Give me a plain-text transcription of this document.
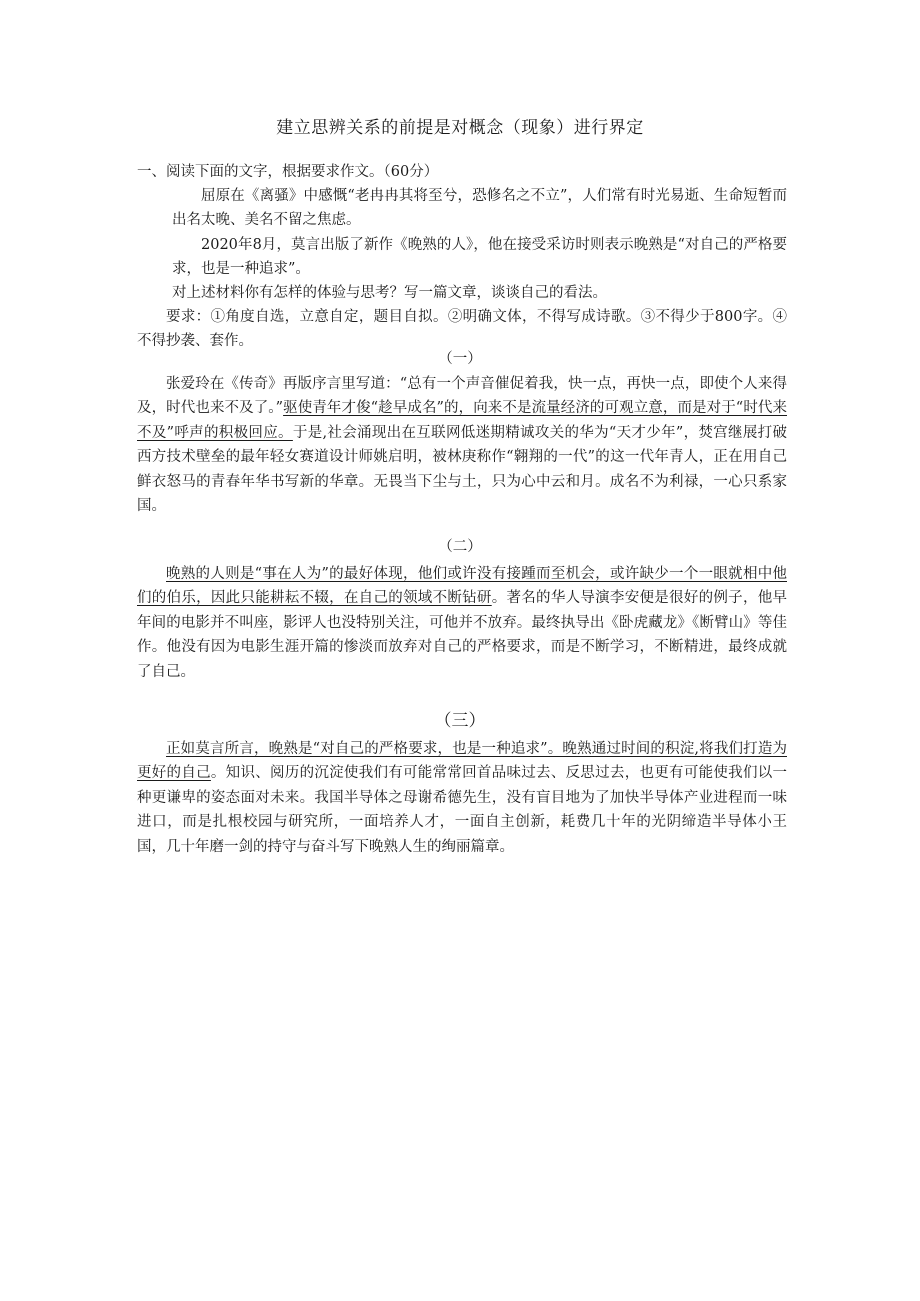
建立思辨关系的前提是对概念（现象）进行界定
一、阅读下面的文字，根据要求作文。（60分）

屈原在《离骚》中感慨“老冉冉其将至兮，恐修名之不立”，人们常有时光易逝、生命短暂而出名太晚、美名不留之焦虑。

2020年8月，莫言出版了新作《晚熟的人》，他在接受采访时则表示晚熟是“对自己的严格要求，也是一种追求”。

对上述材料你有怎样的体验与思考？写一篇文章，谈谈自己的看法。

要求：①角度自选，立意自定，题目自拟。②明确文体，不得写成诗歌。③不得少于800字。④不得抄袭、套作。

（一）

张爱玲在《传奇》再版序言里写道：“总有一个声音催促着我，快一点，再快一点，即使个人来得及，时代也来不及了。”驱使青年才俊“趁早成名”的，向来不是流量经济的可观立意，而是对于“时代来不及”呼声的积极回应。于是,社会涌现出在互联网低迷期精诚攻关的华为“天才少年”，焚宫继展打破西方技术壁垒的最年轻女赛道设计师姚启明，被林庚称作“翱翔的一代”的这一代年青人，正在用自己鲜衣怒马的青春年华书写新的华章。无畏当下尘与土，只为心中云和月。成名不为利禄，一心只系家国。

（二）

晚熟的人则是“事在人为”的最好体现，他们或许没有接踵而至机会，或许缺少一个一眼就相中他们的伯乐，因此只能耕耘不辍，在自己的领域不断钻研。著名的华人导演李安便是很好的例子，他早年间的电影并不叫座，影评人也没特别关注，可他并不放弃。最终执导出《卧虎藏龙》《断臂山》等佳作。他没有因为电影生涯开篇的惨淡而放弃对自己的严格要求，而是不断学习，不断精进，最终成就了自己。

（三）

正如莫言所言，晚熟是“对自己的严格要求，也是一种追求”。晚熟通过时间的积淀,将我们打造为更好的自己。知识、阅历的沉淀使我们有可能常常回首品味过去、反思过去，也更有可能使我们以一种更谦卑的姿态面对未来。我国半导体之母谢希德先生，没有盲目地为了加快半导体产业进程而一味进口，而是扎根校园与研究所，一面培养人才，一面自主创新，耗费几十年的光阴缔造半导体小王国，几十年磨一剑的持守与奋斗写下晚熟人生的绚丽篇章。
